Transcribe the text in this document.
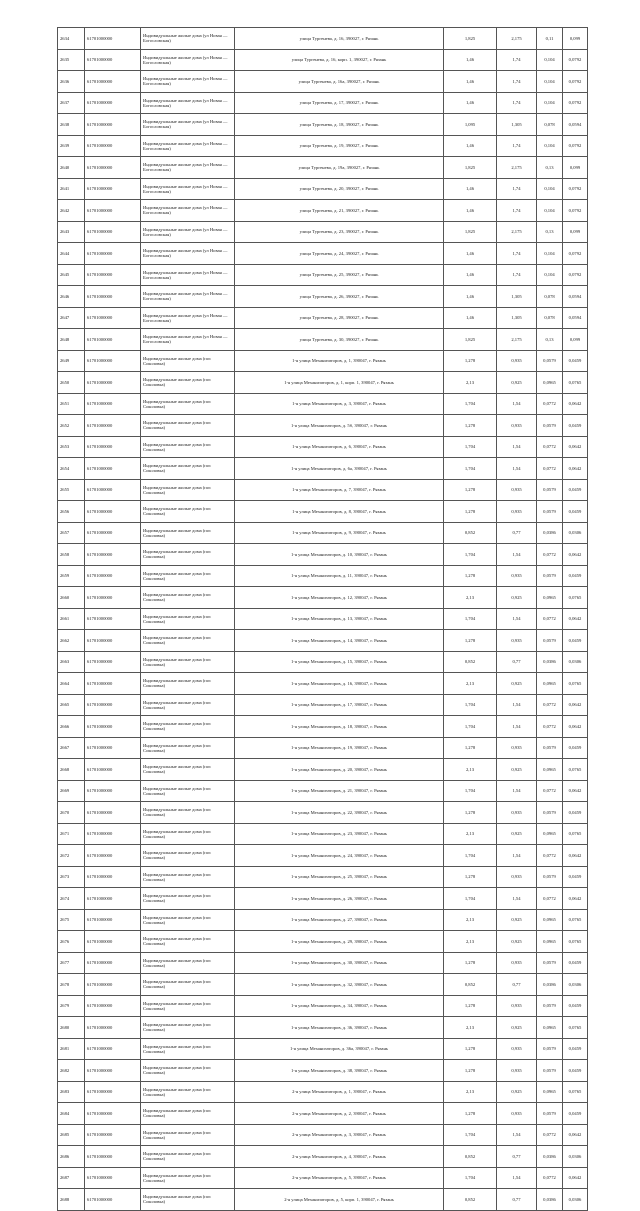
2634	61701000000	Индивидуальные жилые дома (ул Новая — Богословская)	улица Тургенева, д. 16, 390027, г. Рязань	1,825	2,175	0,11	0,099
2635	61701000000	Индивидуальные жилые дома (ул Новая — Богословская)	улица Тургенева, д. 16, корп. 1, 390027, г. Рязань	1,46	1,74	0,104	0,0792
2636	61701000000	Индивидуальные жилые дома (ул Новая — Богословская)	улица Тургенева, д. 16а, 390027, г. Рязань	1,46	1,74	0,104	0,0792
2637	61701000000	Индивидуальные жилые дома (ул Новая — Богословская)	улица Тургенева, д. 17, 390027, г. Рязань	1,46	1,74	0,104	0,0792
2638	61701000000	Индивидуальные жилые дома (ул Новая — Богословская)	улица Тургенева, д. 18, 390027, г. Рязань	1,095	1,305	0,078	0,0594
2639	61701000000	Индивидуальные жилые дома (ул Новая — Богословская)	улица Тургенева, д. 19, 390027, г. Рязань	1,46	1,74	0,104	0,0792
2640	61701000000	Индивидуальные жилые дома (ул Новая — Богословская)	улица Тургенева, д. 19а, 390027, г. Рязань	1,825	2,175	0,13	0,099
2641	61701000000	Индивидуальные жилые дома (ул Новая — Богословская)	улица Тургенева, д. 20, 390027, г. Рязань	1,46	1,74	0,104	0,0792
2642	61701000000	Индивидуальные жилые дома (ул Новая — Богословская)	улица Тургенева, д. 21, 390027, г. Рязань	1,46	1,74	0,104	0,0792
2643	61701000000	Индивидуальные жилые дома (ул Новая — Богословская)	улица Тургенева, д. 23, 390027, г. Рязань	1,825	2,175	0,13	0,099
2644	61701000000	Индивидуальные жилые дома (ул Новая — Богословская)	улица Тургенева, д. 24, 390027, г. Рязань	1,46	1,74	0,104	0,0792
2645	61701000000	Индивидуальные жилые дома (ул Новая — Богословская)	улица Тургенева, д. 25, 390027, г. Рязань	1,46	1,74	0,104	0,0792
2646	61701000000	Индивидуальные жилые дома (ул Новая — Богословская)	улица Тургенева, д. 26, 390027, г. Рязань	1,46	1,305	0,078	0,0594
2647	61701000000	Индивидуальные жилые дома (ул Новая — Богословская)	улица Тургенева, д. 28, 390027, г. Рязань	1,46	1,305	0,078	0,0594
2648	61701000000	Индивидуальные жилые дома (ул Новая — Богословская)	улица Тургенева, д. 30, 390027, г. Рязань	1,825	2,175	0,13	0,099
2649	61701000000	Индивидуальные жилые дома (пос Соколовка)	1-я улица Механизаторов, д. 1, 390047, г. Рязань	1,278	0,935	0,0579	0,0459
2650	61701000000	Индивидуальные жилые дома (пос Соколовка)	1-я улица Механизаторов, д. 1, корп. 1, 390047, г. Рязань	2,13	0,925	0,0965	0,0765
2651	61701000000	Индивидуальные жилые дома (пос Соколовка)	1-я улица Механизаторов, д. 3, 390047, г. Рязань	1,704	1,54	0,0772	0,0642
2652	61701000000	Индивидуальные жилые дома (пос Соколовка)	1-я улица Механизаторов, д. 5б, 390047, г. Рязань	1,278	0,935	0,0579	0,0459
2653	61701000000	Индивидуальные жилые дома (пос Соколовка)	1-я улица Механизаторов, д. 6, 390047, г. Рязань	1,704	1,54	0,0772	0,0642
2654	61701000000	Индивидуальные жилые дома (пос Соколовка)	1-я улица Механизаторов, д. 6а, 390047, г. Рязань	1,704	1,54	0,0772	0,0642
2655	61701000000	Индивидуальные жилые дома (пос Соколовка)	1-я улица Механизаторов, д. 7, 390047, г. Рязань	1,278	0,935	0,0579	0,0459
2656	61701000000	Индивидуальные жилые дома (пос Соколовка)	1-я улица Механизаторов, д. 8, 390047, г. Рязань	1,278	0,935	0,0579	0,0459
2657	61701000000	Индивидуальные жилые дома (пос Соколовка)	1-я улица Механизаторов, д. 9, 390047, г. Рязань	0,852	0,77	0,0386	0,0306
2658	61701000000	Индивидуальные жилые дома (пос Соколовка)	1-я улица Механизаторов, д. 10, 390047, г. Рязань	1,704	1,54	0,0772	0,0642
2659	61701000000	Индивидуальные жилые дома (пос Соколовка)	1-я улица Механизаторов, д. 11, 390047, г. Рязань	1,278	0,935	0,0579	0,0459
2660	61701000000	Индивидуальные жилые дома (пос Соколовка)	1-я улица Механизаторов, д. 12, 390047, г. Рязань	2,13	0,925	0,0965	0,0765
2661	61701000000	Индивидуальные жилые дома (пос Соколовка)	1-я улица Механизаторов, д. 13, 390047, г. Рязань	1,704	1,54	0,0772	0,0642
2662	61701000000	Индивидуальные жилые дома (пос Соколовка)	1-я улица Механизаторов, д. 14, 390047, г. Рязань	1,278	0,935	0,0579	0,0459
2663	61701000000	Индивидуальные жилые дома (пос Соколовка)	1-я улица Механизаторов, д. 15, 390047, г. Рязань	0,852	0,77	0,0386	0,0306
2664	61701000000	Индивидуальные жилые дома (пос Соколовка)	1-я улица Механизаторов, д. 16, 390047, г. Рязань	2,13	0,925	0,0965	0,0765
2665	61701000000	Индивидуальные жилые дома (пос Соколовка)	1-я улица Механизаторов, д. 17, 390047, г. Рязань	1,704	1,54	0,0772	0,0642
2666	61701000000	Индивидуальные жилые дома (пос Соколовка)	1-я улица Механизаторов, д. 18, 390047, г. Рязань	1,704	1,54	0,0772	0,0642
2667	61701000000	Индивидуальные жилые дома (пос Соколовка)	1-я улица Механизаторов, д. 19, 390047, г. Рязань	1,278	0,935	0,0579	0,0459
2668	61701000000	Индивидуальные жилые дома (пос Соколовка)	1-я улица Механизаторов, д. 20, 390047, г. Рязань	2,13	0,925	0,0965	0,0765
2669	61701000000	Индивидуальные жилые дома (пос Соколовка)	1-я улица Механизаторов, д. 21, 390047, г. Рязань	1,704	1,54	0,0772	0,0642
2670	61701000000	Индивидуальные жилые дома (пос Соколовка)	1-я улица Механизаторов, д. 22, 390047, г. Рязань	1,278	0,935	0,0579	0,0459
2671	61701000000	Индивидуальные жилые дома (пос Соколовка)	1-я улица Механизаторов, д. 23, 390047, г. Рязань	2,13	0,925	0,0965	0,0765
2672	61701000000	Индивидуальные жилые дома (пос Соколовка)	1-я улица Механизаторов, д. 24, 390047, г. Рязань	1,704	1,54	0,0772	0,0642
2673	61701000000	Индивидуальные жилые дома (пос Соколовка)	1-я улица Механизаторов, д. 25, 390047, г. Рязань	1,278	0,935	0,0579	0,0459
2674	61701000000	Индивидуальные жилые дома (пос Соколовка)	1-я улица Механизаторов, д. 26, 390047, г. Рязань	1,704	1,54	0,0772	0,0642
2675	61701000000	Индивидуальные жилые дома (пос Соколовка)	1-я улица Механизаторов, д. 27, 390047, г. Рязань	2,13	0,925	0,0965	0,0765
2676	61701000000	Индивидуальные жилые дома (пос Соколовка)	1-я улица Механизаторов, д. 29, 390047, г. Рязань	2,13	0,925	0,0965	0,0765
2677	61701000000	Индивидуальные жилые дома (пос Соколовка)	1-я улица Механизаторов, д. 30, 390047, г. Рязань	1,278	0,935	0,0579	0,0459
2678	61701000000	Индивидуальные жилые дома (пос Соколовка)	1-я улица Механизаторов, д. 32, 390047, г. Рязань	0,852	0,77	0,0386	0,0306
2679	61701000000	Индивидуальные жилые дома (пос Соколовка)	1-я улица Механизаторов, д. 34, 390047, г. Рязань	1,278	0,935	0,0579	0,0459
2680	61701000000	Индивидуальные жилые дома (пос Соколовка)	1-я улица Механизаторов, д. 36, 390047, г. Рязань	2,13	0,925	0,0965	0,0765
2681	61701000000	Индивидуальные жилые дома (пос Соколовка)	1-я улица Механизаторов, д. 36а, 390047, г. Рязань	1,278	0,935	0,0579	0,0459
2682	61701000000	Индивидуальные жилые дома (пос Соколовка)	1-я улица Механизаторов, д. 38, 390047, г. Рязань	1,278	0,935	0,0579	0,0459
2683	61701000000	Индивидуальные жилые дома (пос Соколовка)	2-я улица Механизаторов, д. 1, 390047, г. Рязань	2,13	0,925	0,0965	0,0765
2684	61701000000	Индивидуальные жилые дома (пос Соколовка)	2-я улица Механизаторов, д. 2, 390047, г. Рязань	1,278	0,935	0,0579	0,0459
2685	61701000000	Индивидуальные жилые дома (пос Соколовка)	2-я улица Механизаторов, д. 3, 390047, г. Рязань	1,704	1,54	0,0772	0,0642
2686	61701000000	Индивидуальные жилые дома (пос Соколовка)	2-я улица Механизаторов, д. 4, 390047, г. Рязань	0,852	0,77	0,0386	0,0306
2687	61701000000	Индивидуальные жилые дома (пос Соколовка)	2-я улица Механизаторов, д. 5, 390047, г. Рязань	1,704	1,54	0,0772	0,0642
2688	61701000000	Индивидуальные жилые дома (пос Соколовка)	2-я улица Механизаторов, д. 5, корп. 1, 390047, г. Рязань	0,852	0,77	0,0386	0,0306
